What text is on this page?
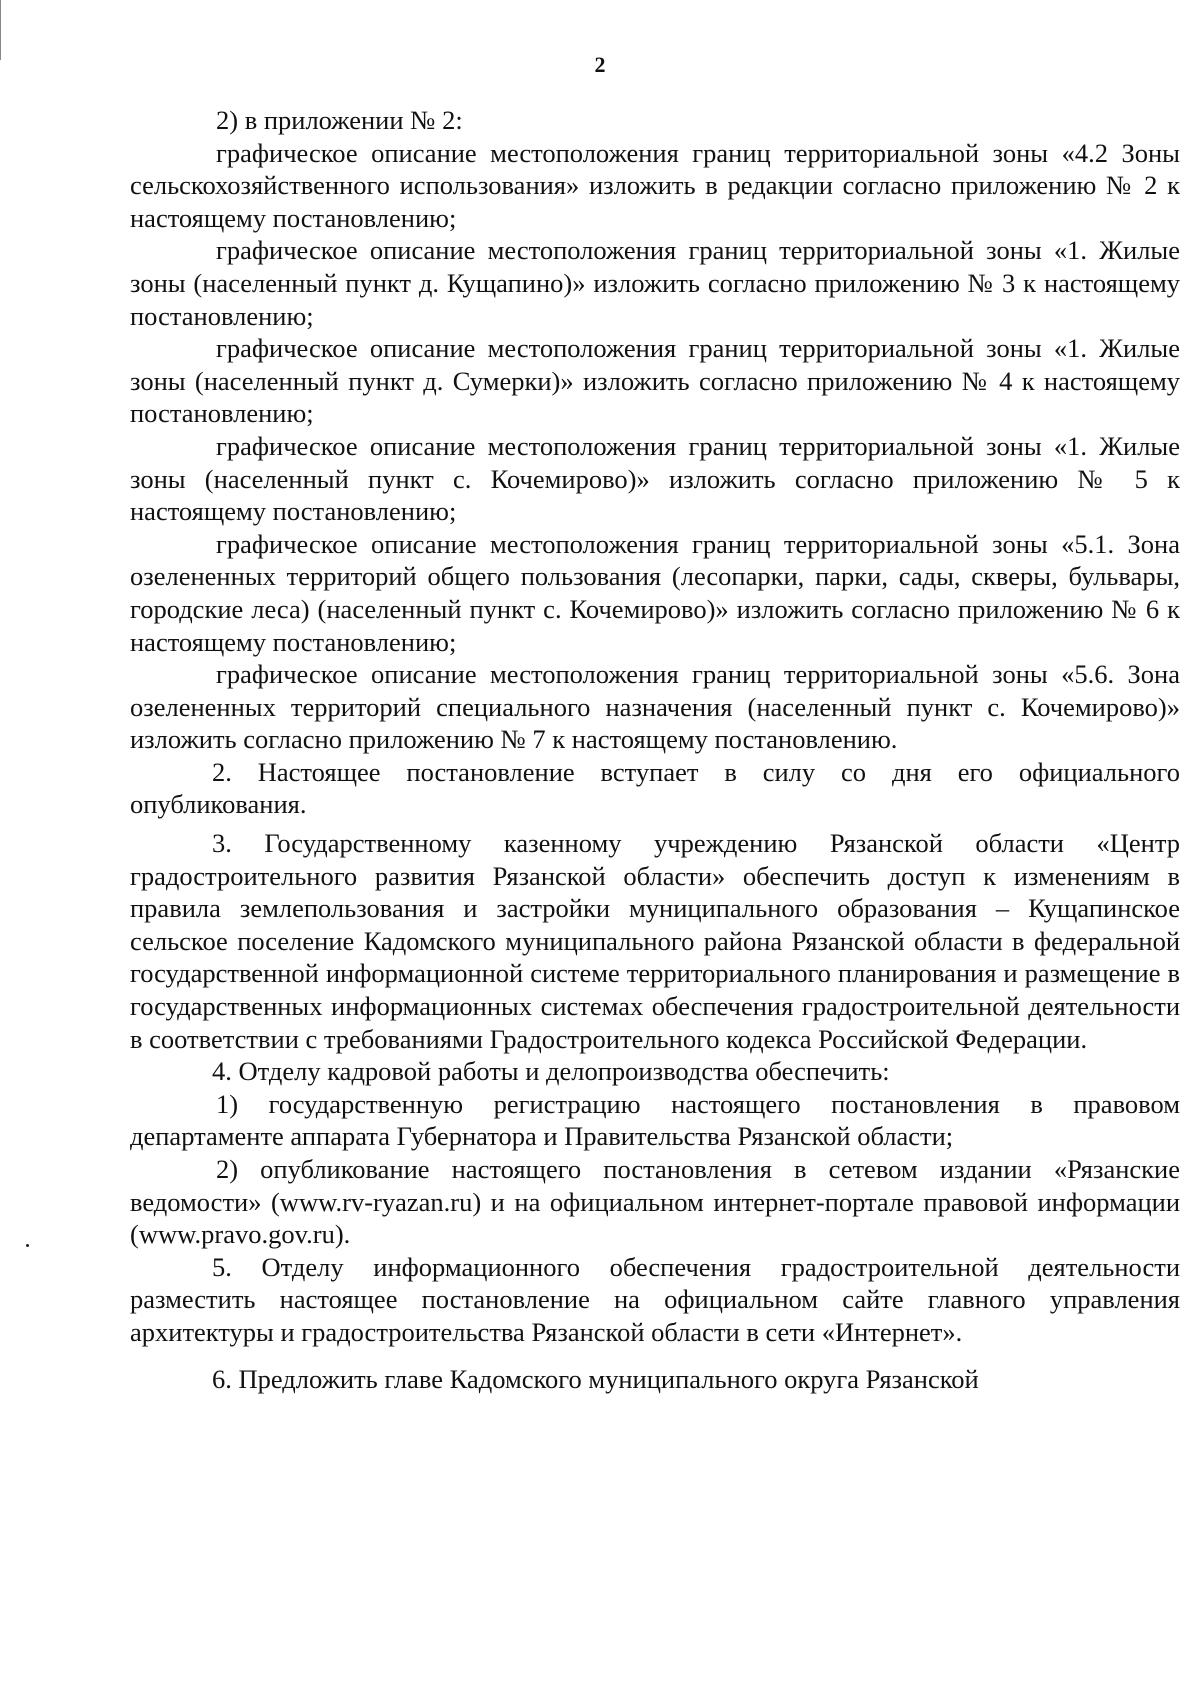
2

2) в приложении № 2:

графическое описание местоположения границ территориальной зоны «4.2 Зоны сельскохозяйственного использования» изложить в редакции согласно приложению № 2 к настоящему постановлению;

графическое описание местоположения границ территориальной зоны «1. Жилые зоны (населенный пункт д. Кущапино)» изложить согласно приложению № 3 к настоящему постановлению;

графическое описание местоположения границ территориальной зоны «1. Жилые зоны (населенный пункт д. Сумерки)» изложить согласно приложению № 4 к настоящему постановлению;

графическое описание местоположения границ территориальной зоны «1. Жилые зоны (населенный пункт с. Кочемирово)» изложить согласно приложению № 5 к настоящему постановлению;

графическое описание местоположения границ территориальной зоны «5.1. Зона озелененных территорий общего пользования (лесопарки, парки, сады, скверы, бульвары, городские леса) (населенный пункт с. Кочемирово)» изложить согласно приложению № 6 к настоящему постановлению;

графическое описание местоположения границ территориальной зоны «5.6. Зона озелененных территорий специального назначения (населенный пункт с. Кочемирово)» изложить согласно приложению № 7 к настоящему постановлению.

2. Настоящее постановление вступает в силу со дня его официального опубликования.

3. Государственному казенному учреждению Рязанской области «Центр градостроительного развития Рязанской области» обеспечить доступ к изменениям в правила землепользования и застройки муниципального образования – Кущапинское сельское поселение Кадомского муниципального района Рязанской области в федеральной государственной информационной системе территориального планирования и размещение в государственных информационных системах обеспечения градостроительной деятельности в соответствии с требованиями Градостроительного кодекса Российской Федерации.

4. Отделу кадровой работы и делопроизводства обеспечить:

1) государственную регистрацию настоящего постановления в правовом департаменте аппарата Губернатора и Правительства Рязанской области;

2) опубликование настоящего постановления в сетевом издании «Рязанские ведомости» (www.rv-ryazan.ru) и на официальном интернет-портале правовой информации (www.pravo.gov.ru).

5. Отделу информационного обеспечения градостроительной деятельности разместить настоящее постановление на официальном сайте главного управления архитектуры и градостроительства Рязанской области в сети «Интернет».

6. Предложить главе Кадомского муниципального округа Рязанской
